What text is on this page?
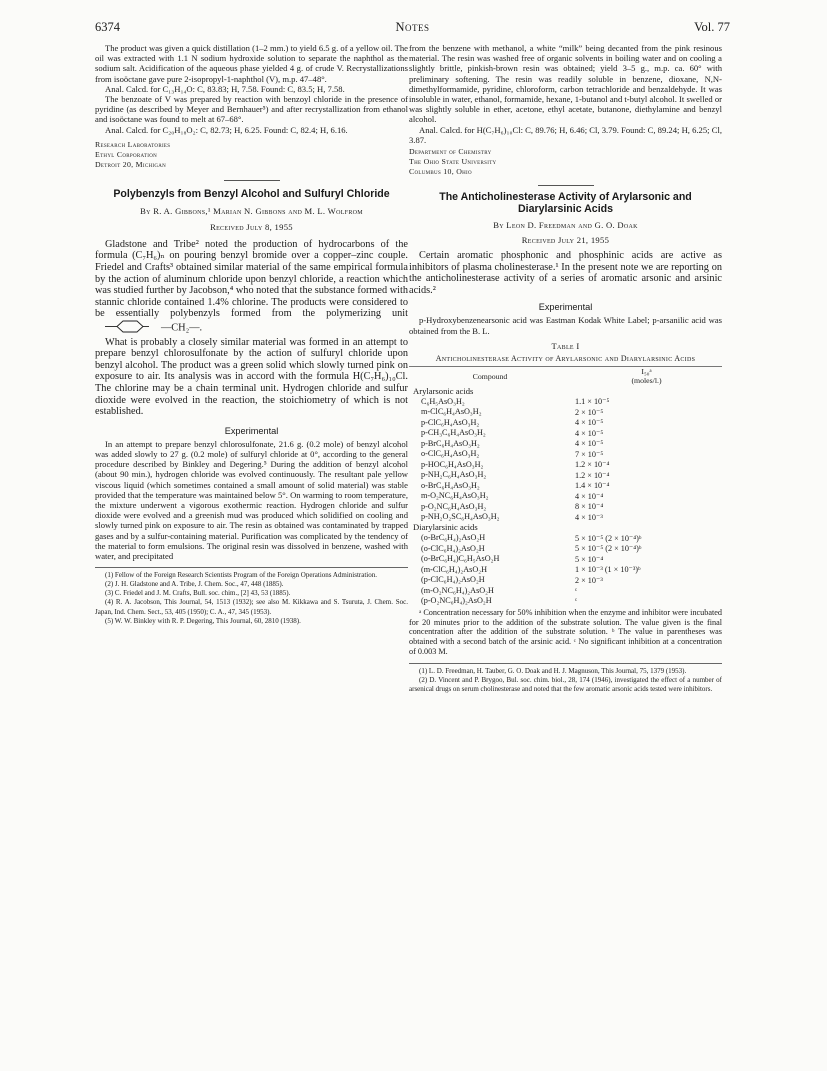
6374	Notes	Vol. 77

The product was given a quick distillation (1–2 mm.) to yield 6.5 g. of a yellow oil. The oil was extracted with 1.1 N sodium hydroxide solution to separate the naphthol as the sodium salt. Acidification of the aqueous phase yielded 4 g. of crude V. Recrystallizations from isoöctane gave pure 2-isopropyl-1-naphthol (V), m.p. 47–48°.

Anal. Calcd. for C₁₃H₁₄O: C, 83.83; H, 7.58. Found: C, 83.5; H, 7.58.

The benzoate of V was prepared by reaction with benzoyl chloride in the presence of pyridine (as described by Meyer and Bernhauer⁵) and after recrystallization from ethanol and isoöctane was found to melt at 67–68°.

Anal. Calcd. for C₂₀H₁₈O₂: C, 82.73; H, 6.25. Found: C, 82.4; H, 6.16.

Research Laboratories
Ethyl Corporation
Detroit 20, Michigan

Polybenzyls from Benzyl Alcohol and Sulfuryl Chloride

By R. A. Gibbons,¹ Marian N. Gibbons and M. L. Wolfrom

Received July 8, 1955

Gladstone and Tribe² noted the production of hydrocarbons of the formula (C₇H₆)ₙ on pouring benzyl bromide over a copper–zinc couple. Friedel and Crafts³ obtained similar material of the same empirical formula by the action of aluminum chloride upon benzyl chloride, a reaction which was studied further by Jacobson,⁴ who noted that the substance formed with stannic chloride contained 1.4% chlorine. The products were considered to be essentially polybenzyls formed from the polymerizing unit —CH₂—.

What is probably a closely similar material was formed in an attempt to prepare benzyl chlorosulfonate by the action of sulfuryl chloride upon benzyl alcohol. The product was a green solid which slowly turned pink on exposure to air. Its analysis was in accord with the formula H(C₇H₆)₁₀Cl. The chlorine may be a chain terminal unit. Hydrogen chloride and sulfur dioxide were evolved in the reaction, the stoichiometry of which is not established.

Experimental

In an attempt to prepare benzyl chlorosulfonate, 21.6 g. (0.2 mole) of benzyl alcohol was added slowly to 27 g. (0.2 mole) of sulfuryl chloride at 0°, according to the general procedure described by Binkley and Degering.⁵ During the addition of benzyl alcohol (about 90 min.), hydrogen chloride was evolved continuously. The resultant pale yellow viscous liquid (which sometimes contained a small amount of solid material) was stable provided that the temperature was maintained below 5°. On warming to room temperature, the mixture underwent a vigorous exothermic reaction. Hydrogen chloride and sulfur dioxide were evolved and a greenish mud was produced which solidified on cooling and slowly turned pink on exposure to air. The resin as obtained was contaminated by trapped gases and by a sulfur-containing material. Purification was complicated by the tendency of the material to form emulsions. The original resin was dissolved in benzene, washed with water, and precipitated

(1) Fellow of the Foreign Research Scientists Program of the Foreign Operations Administration.

(2) J. H. Gladstone and A. Tribe, J. Chem. Soc., 47, 448 (1885).

(3) C. Friedel and J. M. Crafts, Bull. soc. chim., [2] 43, 53 (1885).

(4) R. A. Jacobson, This Journal, 54, 1513 (1932); see also M. Kikkawa and S. Tsuruta, J. Chem. Soc. Japan, Ind. Chem. Sect., 53, 405 (1950); C. A., 47, 345 (1953).

(5) W. W. Binkley with R. P. Degering, This Journal, 60, 2810 (1938).

from the benzene with methanol, a white “milk” being decanted from the pink resinous material. The resin was washed free of organic solvents in boiling water and on cooling a slightly brittle, pinkish-brown resin was obtained; yield 3–5 g., m.p. ca. 60° with preliminary softening. The resin was readily soluble in benzene, dioxane, N,N-dimethylformamide, pyridine, chloroform, carbon tetrachloride and benzaldehyde. It was insoluble in water, ethanol, formamide, hexane, 1-butanol and t-butyl alcohol. It swelled or was slightly soluble in ether, acetone, ethyl acetate, butanone, diethylamine and benzyl alcohol.

Anal. Calcd. for H(C₇H₆)₁₀Cl: C, 89.76; H, 6.46; Cl, 3.79. Found: C, 89.24; H, 6.25; Cl, 3.87.

Department of Chemistry
The Ohio State University
Columbus 10, Ohio

The Anticholinesterase Activity of Arylarsonic and Diarylarsinic Acids

By Leon D. Freedman and G. O. Doak

Received July 21, 1955

Certain aromatic phosphonic and phosphinic acids are active as inhibitors of plasma cholinesterase.¹ In the present note we are reporting on the anticholinesterase activity of a series of aromatic arsonic and arsinic acids.²

Experimental

p-Hydroxybenzenearsonic acid was Eastman Kodak White Label; p-arsanilic acid was obtained from the B. L.

Table I

Anticholinesterase Activity of Arylarsonic and Diarylarsinic Acids

Compound	I₅₀ᵃ
(moles/l.)

Arylarsonic acids	
C₆H₅AsO₃H₂	1.1 × 10⁻⁵
m-ClC₆H₄AsO₃H₂	2 × 10⁻⁵
p-ClC₆H₄AsO₃H₂	4 × 10⁻⁵
p-CH₃C₆H₄AsO₃H₂	4 × 10⁻⁵
p-BrC₆H₄AsO₃H₂	4 × 10⁻⁵
o-ClC₆H₄AsO₃H₂	7 × 10⁻⁵
p-HOC₆H₄AsO₃H₂	1.2 × 10⁻⁴
p-NH₂C₆H₄AsO₃H₂	1.2 × 10⁻⁴
o-BrC₆H₄AsO₃H₂	1.4 × 10⁻⁴
m-O₂NC₆H₄AsO₃H₂	4 × 10⁻⁴
p-O₂NC₆H₄AsO₃H₂	8 × 10⁻⁴
p-NH₂O₂SC₆H₄AsO₃H₂	4 × 10⁻³
Diarylarsinic acids	
(o-BrC₆H₄)₂AsO₂H	5 × 10⁻⁵ (2 × 10⁻⁴)ᵇ
(o-ClC₆H₄)₂AsO₂H	5 × 10⁻⁵ (2 × 10⁻⁴)ᵇ
(o-BrC₆H₄)C₆H₅AsO₂H	5 × 10⁻⁴
(m-ClC₆H₄)₂AsO₂H	1 × 10⁻³ (1 × 10⁻³)ᵇ
(p-ClC₆H₄)₂AsO₂H	2 × 10⁻³
(m-O₂NC₆H₄)₂AsO₂H	ᶜ
(p-O₂NC₆H₄)₂AsO₂H	ᶜ

ᵃ Concentration necessary for 50% inhibition when the enzyme and inhibitor were incubated for 20 minutes prior to the addition of the substrate solution. The value given is the final concentration after the addition of the substrate solution. ᵇ The value in parentheses was obtained with a second batch of the arsinic acid. ᶜ No significant inhibition at a concentration of 0.003 M.

(1) L. D. Freedman, H. Tauber, G. O. Doak and H. J. Magnuson, This Journal, 75, 1379 (1953).

(2) D. Vincent and P. Brygoo, Bul. soc. chim. biol., 28, 174 (1946), investigated the effect of a number of arsenical drugs on serum cholinesterase and noted that the few aromatic arsonic acids tested were inhibitors.
